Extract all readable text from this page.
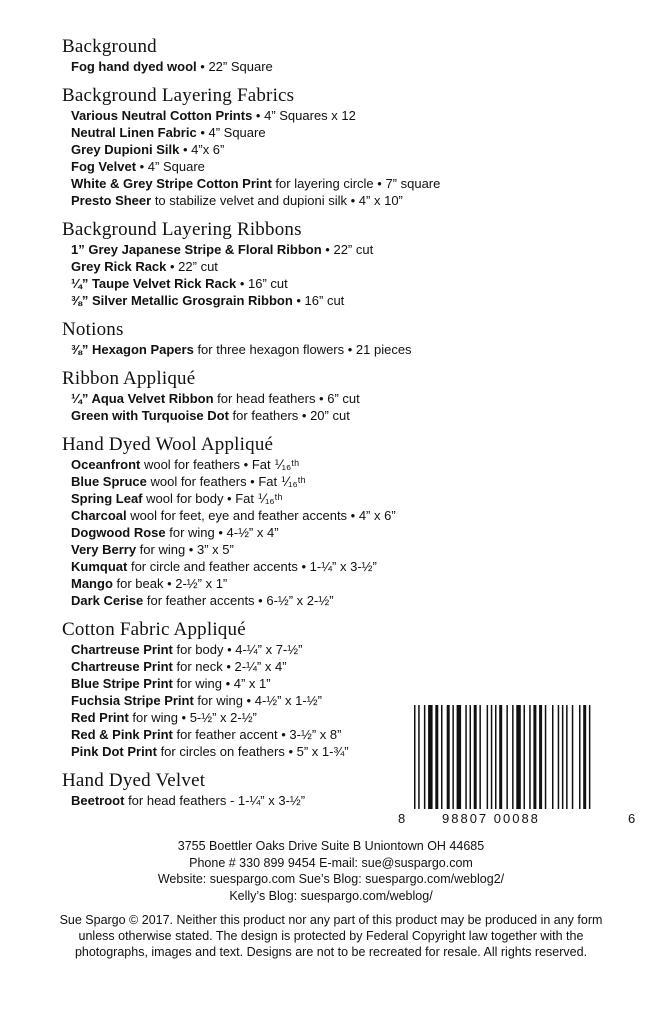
Background
Fog hand dyed wool • 22” Square
Background Layering Fabrics
Various Neutral Cotton Prints • 4” Squares x 12
Neutral Linen Fabric • 4” Square
Grey Dupioni Silk • 4”x 6”
Fog Velvet • 4” Square
White & Grey Stripe Cotton Print for layering circle • 7” square
Presto Sheer to stabilize velvet and dupioni silk • 4” x 10”
Background Layering Ribbons
1” Grey Japanese Stripe & Floral Ribbon • 22” cut
Grey Rick Rack • 22” cut
¼” Taupe Velvet Rick Rack • 16” cut
⅜” Silver Metallic Grosgrain Ribbon • 16” cut
Notions
⅜” Hexagon Papers for three hexagon flowers • 21 pieces
Ribbon Appliqué
¼” Aqua Velvet Ribbon for head feathers • 6” cut
Green with Turquoise Dot for feathers • 20” cut
Hand Dyed Wool Appliqué
Oceanfront wool for feathers • Fat ⅟₁₆ᵗʰ
Blue Spruce wool for feathers • Fat ⅟₁₆ᵗʰ
Spring Leaf wool for body • Fat ⅟₁₆ᵗʰ
Charcoal wool for feet, eye and feather accents • 4” x 6”
Dogwood Rose for wing • 4-½” x 4”
Very Berry for wing • 3” x 5”
Kumquat for circle and feather accents • 1-¼” x 3-½”
Mango for beak • 2-½” x 1”
Dark Cerise for feather accents • 6-½” x 2-½”
Cotton Fabric Appliqué
Chartreuse Print for body • 4-¼” x 7-½”
Chartreuse Print for neck • 2-¼” x 4”
Blue Stripe Print for wing • 4” x 1”
Fuchsia Stripe Print for wing • 4-½” x 1-½”
Red Print for wing • 5-½” x 2-½”
Red & Pink Print for feather accent • 3-½” x 8”
Pink Dot Print for circles on feathers • 5” x 1-¾”
Hand Dyed Velvet
Beetroot for head feathers - 1-¼” x 3-½”
8	98807 00088	6
3755 Boettler Oaks Drive Suite B Uniontown OH 44685
Phone # 330 899 9454 E-mail: sue@suspargo.com
Website: suespargo.com Sue’s Blog: suespargo.com/weblog2/
Kelly’s Blog: suespargo.com/weblog/
Sue Spargo © 2017. Neither this product nor any part of this product may be produced in any form unless otherwise stated. The design is protected by Federal Copyright law together with the photographs, images and text. Designs are not to be recreated for resale. All rights reserved.
